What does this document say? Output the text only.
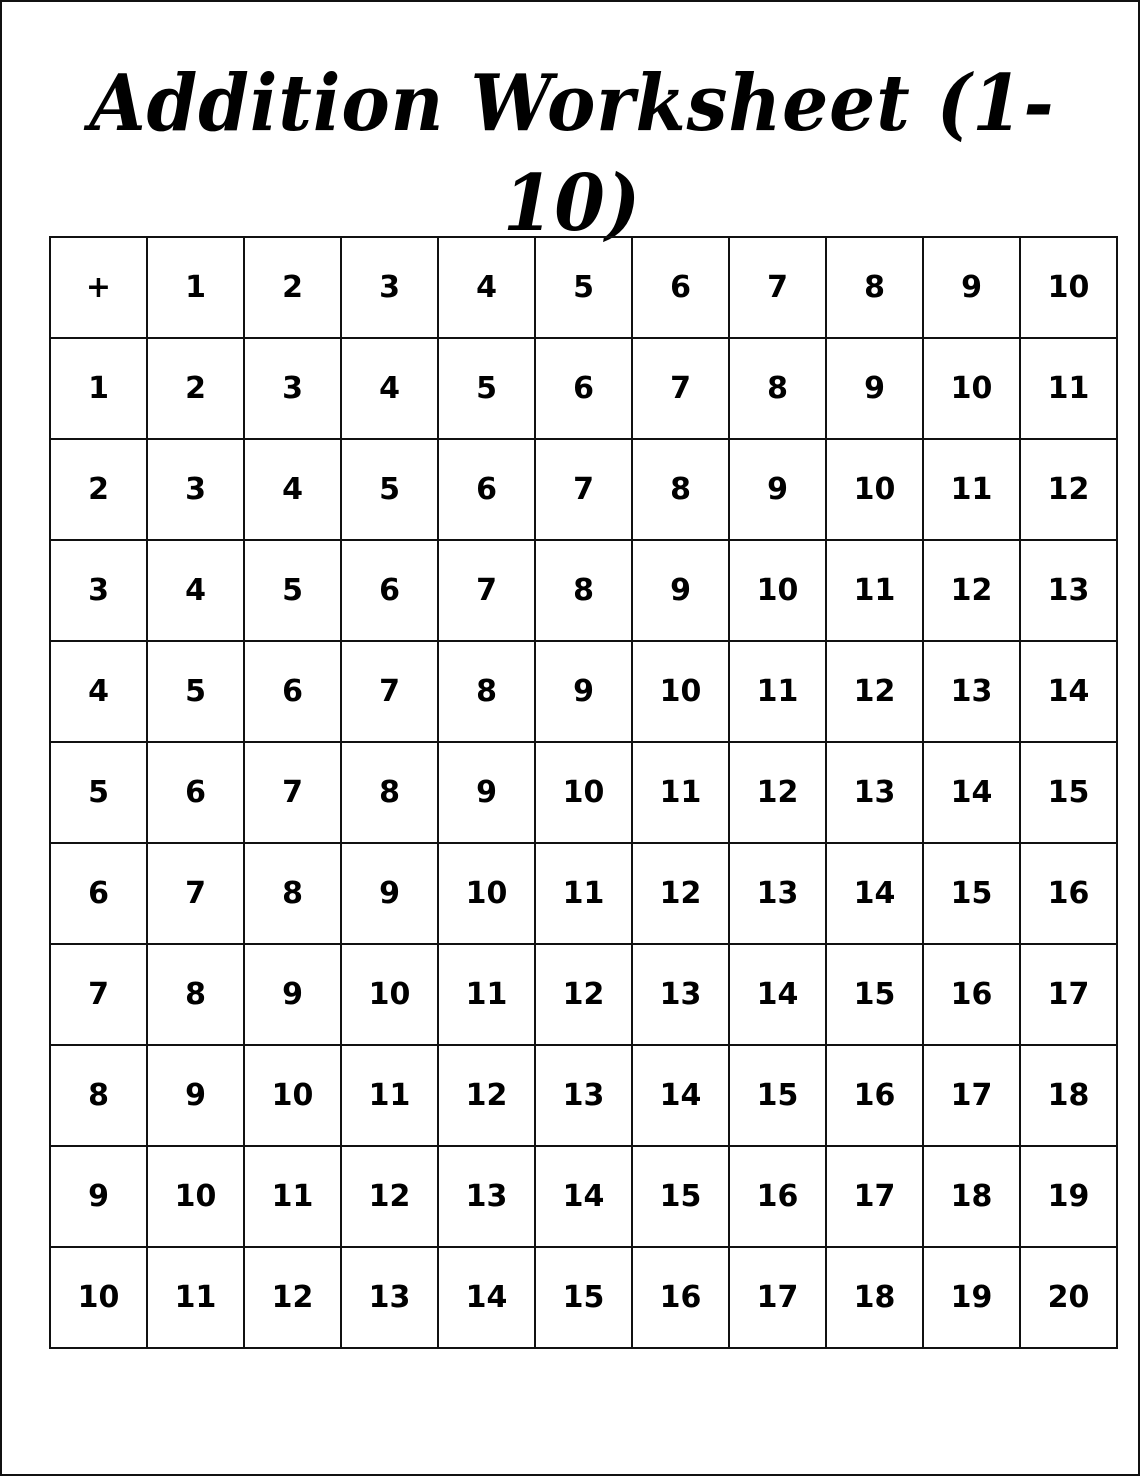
Addition Worksheet (1-10)
+	1	2	3	4	5	6	7	8	9	10
1	2	3	4	5	6	7	8	9	10	11
2	3	4	5	6	7	8	9	10	11	12
3	4	5	6	7	8	9	10	11	12	13
4	5	6	7	8	9	10	11	12	13	14
5	6	7	8	9	10	11	12	13	14	15
6	7	8	9	10	11	12	13	14	15	16
7	8	9	10	11	12	13	14	15	16	17
8	9	10	11	12	13	14	15	16	17	18
9	10	11	12	13	14	15	16	17	18	19
10	11	12	13	14	15	16	17	18	19	20
